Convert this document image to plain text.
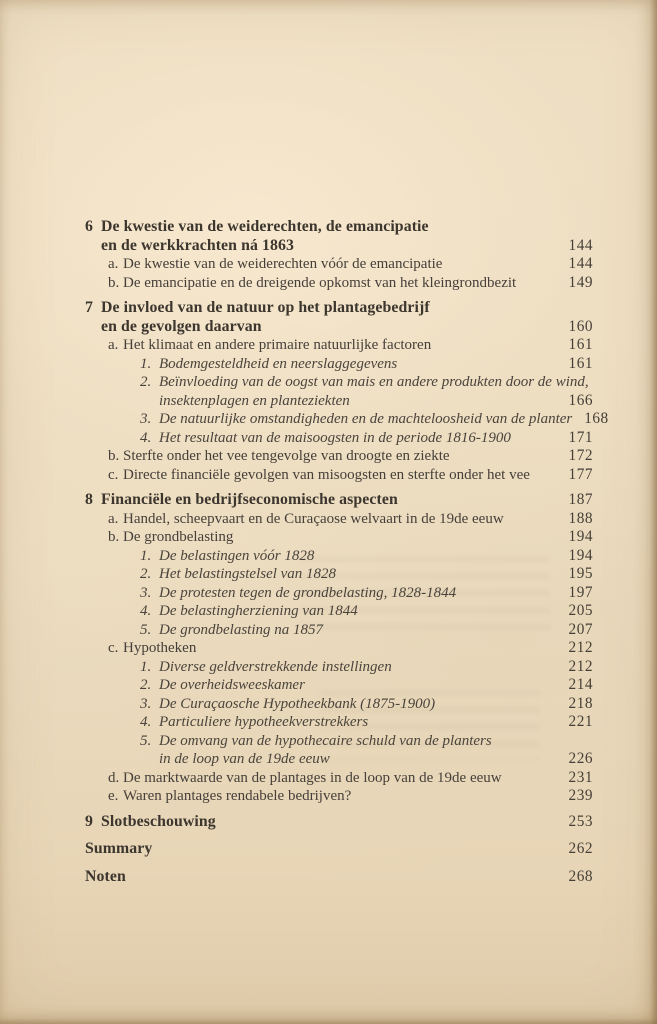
6 De kwestie van de weiderechten, de emancipatie
en de werkkrachten ná 1863	144
a. De kwestie van de weiderechten vóór de emancipatie	144
b. De emancipatie en de dreigende opkomst van het kleingrondbezit	149
7 De invloed van de natuur op het plantagebedrijf
en de gevolgen daarvan	160
a. Het klimaat en andere primaire natuurlijke factoren	161
1. Bodemgesteldheid en neerslaggegevens	161
2. Beïnvloeding van de oogst van mais en andere produkten door de wind,
insektenplagen en planteziekten	166
3. De natuurlijke omstandigheden en de machteloosheid van de planter 168
4. Het resultaat van de maisoogsten in de periode 1816-1900	171
b. Sterfte onder het vee tengevolge van droogte en ziekte	172
c. Directe financiële gevolgen van misoogsten en sterfte onder het vee	177
8 Financiële en bedrijfseconomische aspecten	187
a. Handel, scheepvaart en de Curaçaose welvaart in de 19de eeuw	188
b. De grondbelasting	194
1. De belastingen vóór 1828	194
2. Het belastingstelsel van 1828	195
3. De protesten tegen de grondbelasting, 1828-1844	197
4. De belastingherziening van 1844	205
5. De grondbelasting na 1857	207
c. Hypotheken	212
1. Diverse geldverstrekkende instellingen	212
2. De overheidsweeskamer	214
3. De Curaçaosche Hypotheekbank (1875-1900)	218
4. Particuliere hypotheekverstrekkers	221
5. De omvang van de hypothecaire schuld van de planters
in de loop van de 19de eeuw	226
d. De marktwaarde van de plantages in de loop van de 19de eeuw	231
e. Waren plantages rendabele bedrijven?	239
9 Slotbeschouwing	253
Summary	262
Noten	268
